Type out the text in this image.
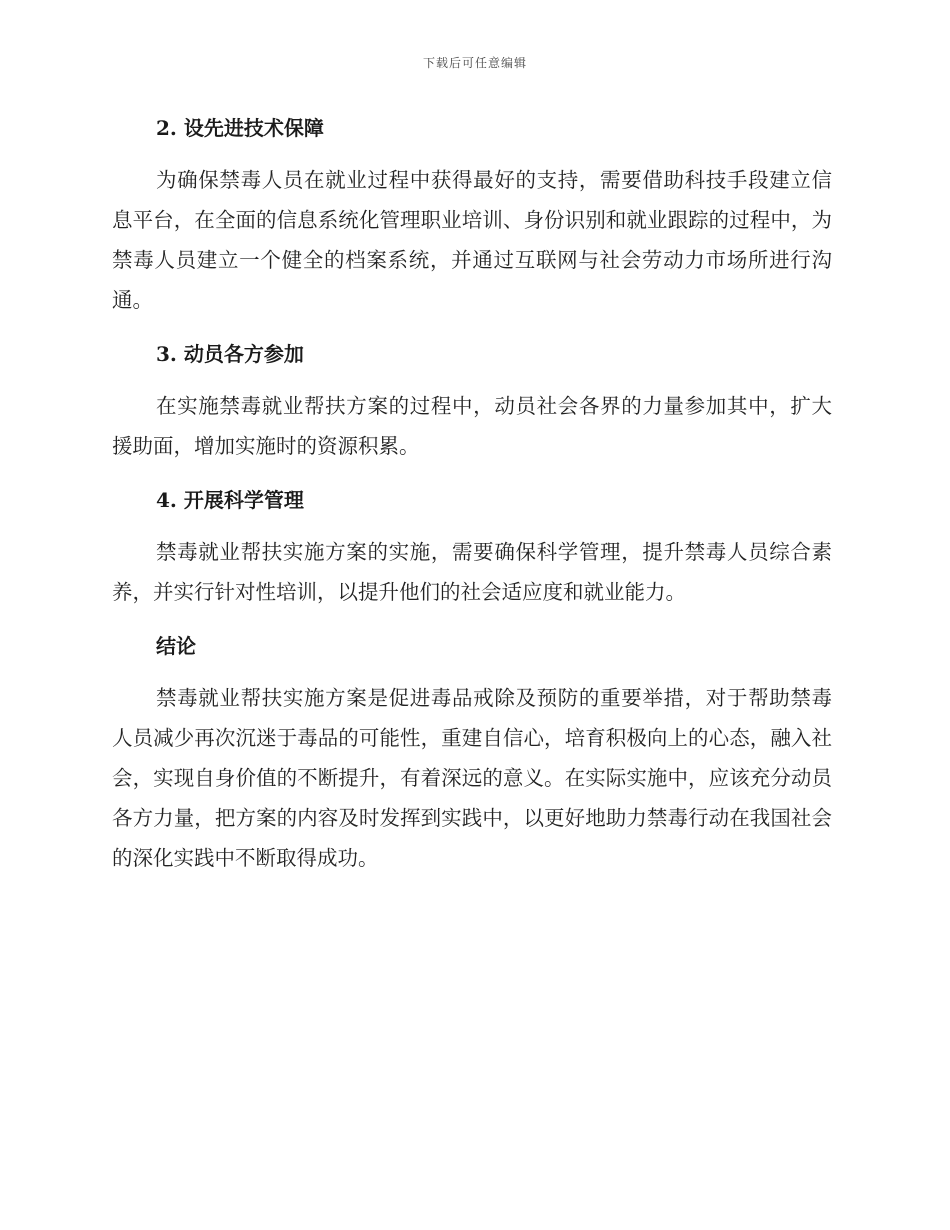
下载后可任意编辑
2. 设先进技术保障

为确保禁毒人员在就业过程中获得最好的支持，需要借助科技手段建立信息平台，在全面的信息系统化管理职业培训、身份识别和就业跟踪的过程中，为禁毒人员建立一个健全的档案系统，并通过互联网与社会劳动力市场所进行沟通。

3. 动员各方参加

在实施禁毒就业帮扶方案的过程中，动员社会各界的力量参加其中，扩大援助面，增加实施时的资源积累。

4. 开展科学管理

禁毒就业帮扶实施方案的实施，需要确保科学管理，提升禁毒人员综合素养，并实行针对性培训，以提升他们的社会适应度和就业能力。

结论

禁毒就业帮扶实施方案是促进毒品戒除及预防的重要举措，对于帮助禁毒人员减少再次沉迷于毒品的可能性，重建自信心，培育积极向上的心态，融入社会，实现自身价值的不断提升，有着深远的意义。在实际实施中，应该充分动员各方力量，把方案的内容及时发挥到实践中，以更好地助力禁毒行动在我国社会的深化实践中不断取得成功。
